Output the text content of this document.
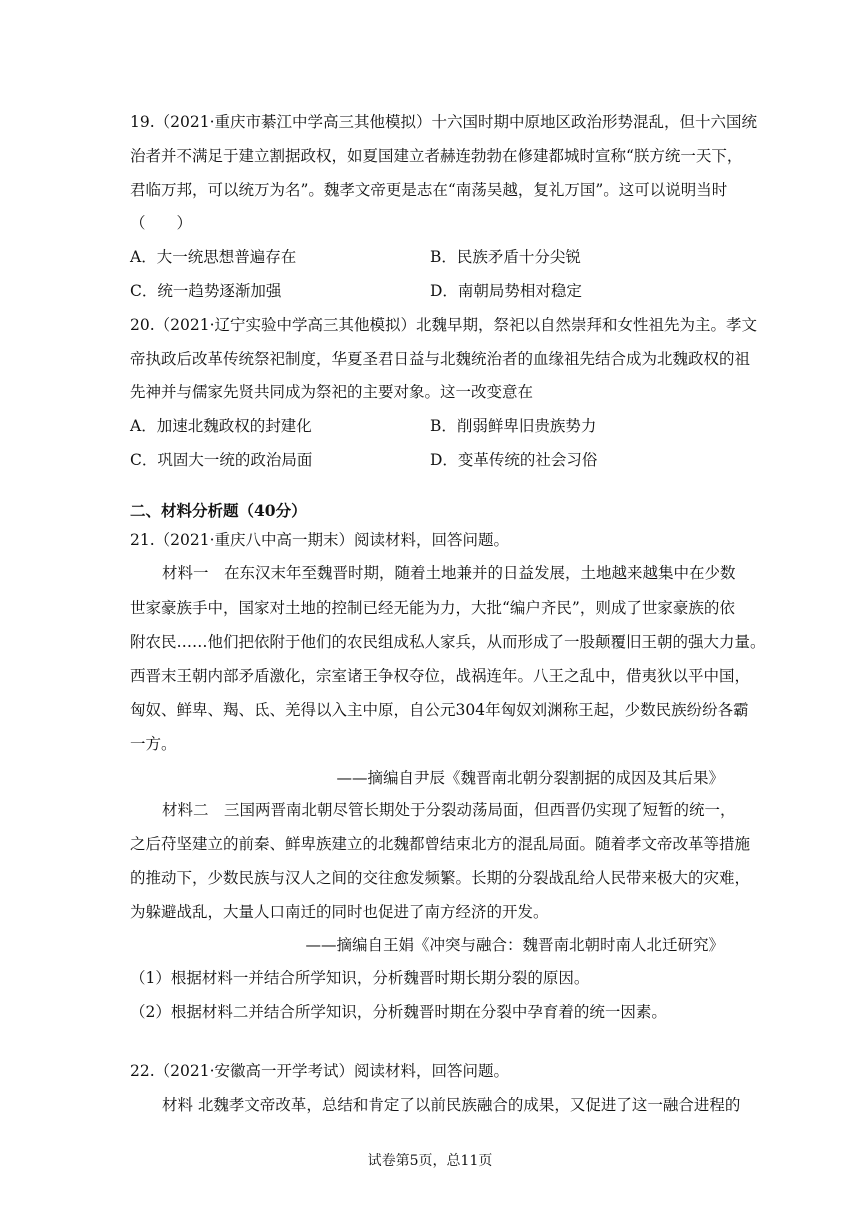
19.（2021·重庆市綦江中学高三其他模拟）十六国时期中原地区政治形势混乱，但十六国统
治者并不满足于建立割据政权，如夏国建立者赫连勃勃在修建都城时宣称“朕方统一天下，
君临万邦，可以统万为名”。魏孝文帝更是志在“南荡吴越，复礼万国”。这可以说明当时
（　　）
A．大一统思想普遍存在	B．民族矛盾十分尖锐
C．统一趋势逐渐加强	D．南朝局势相对稳定
20.（2021·辽宁实验中学高三其他模拟）北魏早期，祭祀以自然崇拜和女性祖先为主。孝文
帝执政后改革传统祭祀制度，华夏圣君日益与北魏统治者的血缘祖先结合成为北魏政权的祖
先神并与儒家先贤共同成为祭祀的主要对象。这一改变意在
A．加速北魏政权的封建化	B．削弱鲜卑旧贵族势力
C．巩固大一统的政治局面	D．变革传统的社会习俗
二、材料分析题（40分）
21.（2021·重庆八中高一期末）阅读材料，回答问题。
材料一　在东汉末年至魏晋时期，随着土地兼并的日益发展，土地越来越集中在少数
世家豪族手中，国家对土地的控制已经无能为力，大批“编户齐民”，则成了世家豪族的依
附农民……他们把依附于他们的农民组成私人家兵，从而形成了一股颠覆旧王朝的强大力量。
西晋末王朝内部矛盾激化，宗室诸王争权夺位，战祸连年。八王之乱中，借夷狄以平中国，
匈奴、鲜卑、羯、氐、羌得以入主中原，自公元304年匈奴刘渊称王起，少数民族纷纷各霸
一方。
——摘编自尹辰《魏晋南北朝分裂割据的成因及其后果》
材料二　三国两晋南北朝尽管长期处于分裂动荡局面，但西晋仍实现了短暂的统一，
之后苻坚建立的前秦、鲜卑族建立的北魏都曾结束北方的混乱局面。随着孝文帝改革等措施
的推动下，少数民族与汉人之间的交往愈发频繁。长期的分裂战乱给人民带来极大的灾难，
为躲避战乱，大量人口南迁的同时也促进了南方经济的开发。
——摘编自王娟《冲突与融合：魏晋南北朝时南人北迁研究》
（1）根据材料一并结合所学知识，分析魏晋时期长期分裂的原因。
（2）根据材料二并结合所学知识，分析魏晋时期在分裂中孕育着的统一因素。
22.（2021·安徽高一开学考试）阅读材料，回答问题。
材料 北魏孝文帝改革，总结和肯定了以前民族融合的成果，又促进了这一融合进程的
试卷第5页，总11页
